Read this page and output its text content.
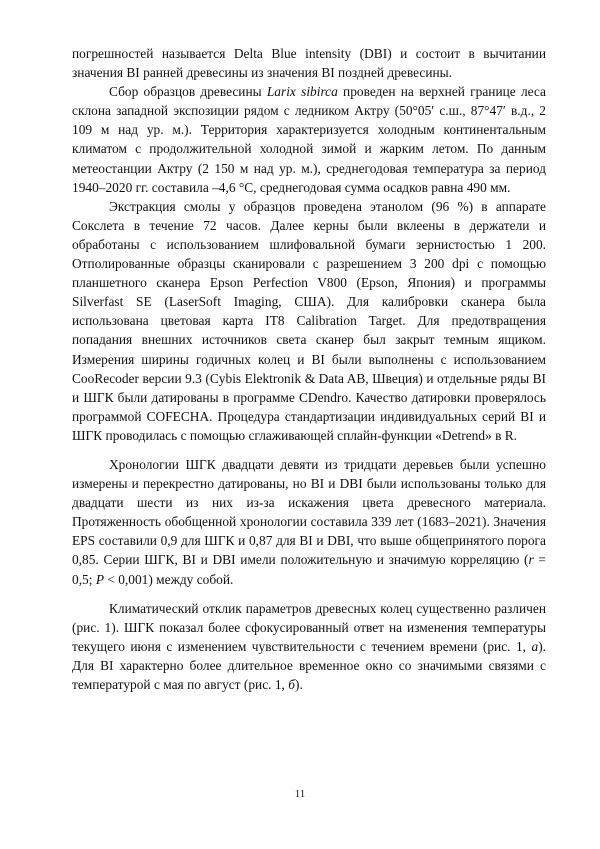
погрешностей называется Delta Blue intensity (DBI) и состоит в вычитании значения BI ранней древесины из значения BI поздней древесины.

Сбор образцов древесины Larix sibirca проведен на верхней границе леса склона западной экспозиции рядом с ледником Актру (50°05′ с.ш., 87°47′ в.д., 2 109 м над ур. м.). Территория характеризуется холодным континентальным климатом с продолжительной холодной зимой и жарким летом. По данным метеостанции Актру (2 150 м над ур. м.), среднегодовая температура за период 1940–2020 гг. составила –4,6 °C, среднегодовая сумма осадков равна 490 мм.

Экстракция смолы у образцов проведена этанолом (96 %) в аппарате Сокслета в течение 72 часов. Далее керны были вклеены в держатели и обработаны с использованием шлифовальной бумаги зернистостью 1 200. Отполированные образцы сканировали с разрешением 3 200 dpi с помощью планшетного сканера Epson Perfection V800 (Epson, Япония) и программы Silverfast SE (LaserSoft Imaging, США). Для калибровки сканера была использована цветовая карта IT8 Calibration Target. Для предотвращения попадания внешних источников света сканер был закрыт темным ящиком. Измерения ширины годичных колец и BI были выполнены с использованием CooRecoder версии 9.3 (Cybis Elektronik & Data AB, Швеция) и отдельные ряды BI и ШГК были датированы в программе CDendro. Качество датировки проверялось программой COFECHA. Процедура стандартизации индивидуальных серий BI и ШГК проводилась с помощью сглаживающей сплайн-функции «Detrend» в R.

Хронологии ШГК двадцати девяти из тридцати деревьев были успешно измерены и перекрестно датированы, но BI и DBI были использованы только для двадцати шести из них из-за искажения цвета древесного материала. Протяженность обобщенной хронологии составила 339 лет (1683–2021). Значения EPS составили 0,9 для ШГК и 0,87 для BI и DBI, что выше общепринятого порога 0,85. Серии ШГК, BI и DBI имели положительную и значимую корреляцию (r = 0,5; P < 0,001) между собой.

Климатический отклик параметров древесных колец существенно различен (рис. 1). ШГК показал более сфокусированный ответ на изменения температуры текущего июня с изменением чувствительности с течением времени (рис. 1, а). Для BI характерно более длительное временное окно со значимыми связями с температурой с мая по август (рис. 1, б).

11
